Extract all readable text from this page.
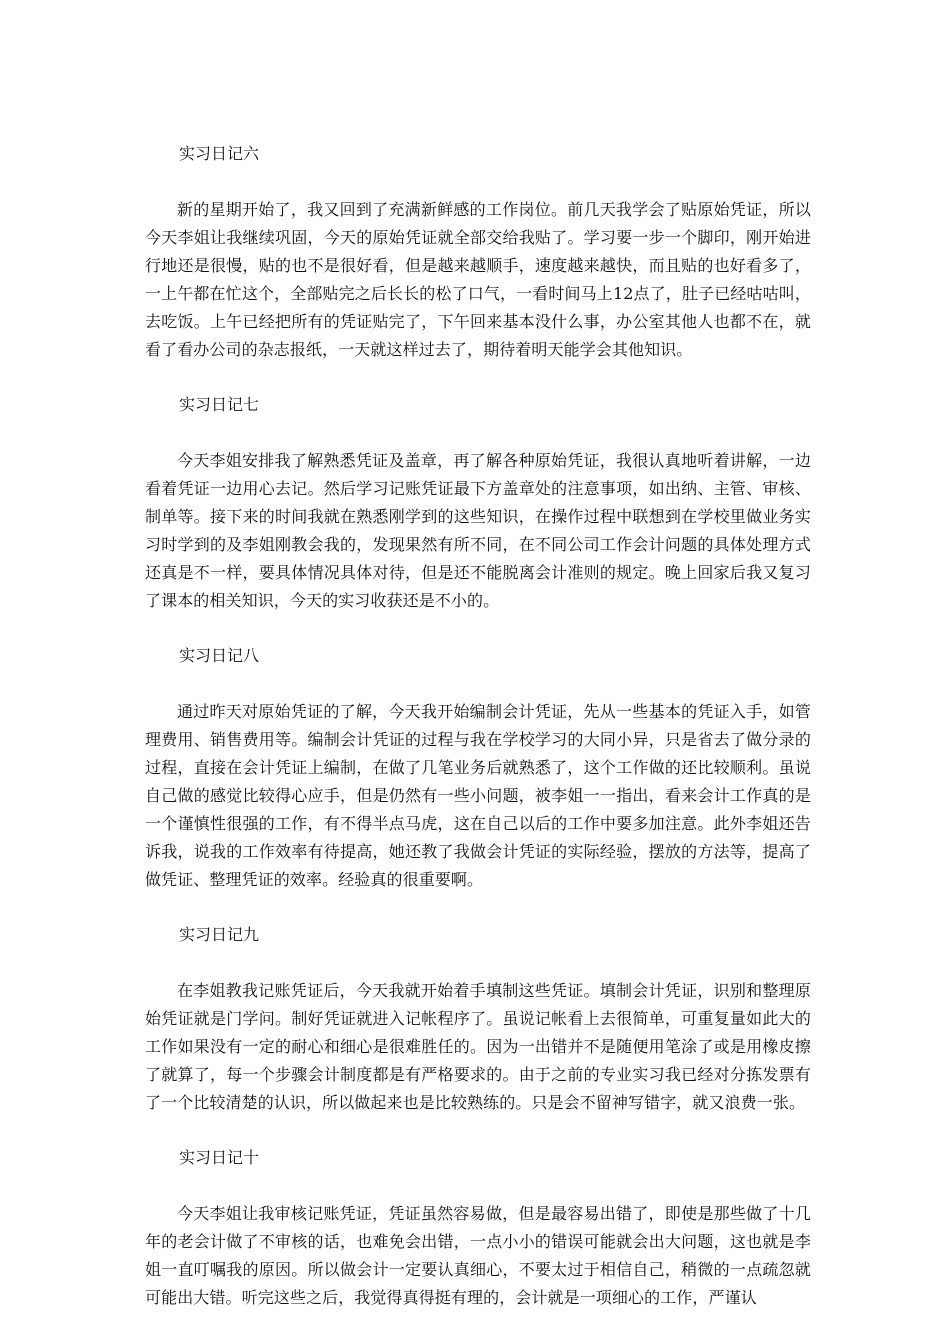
实习日记六

新的星期开始了，我又回到了充满新鲜感的工作岗位。前几天我学会了贴原始凭证，所以今天李姐让我继续巩固，今天的原始凭证就全部交给我贴了。学习要一步一个脚印，刚开始进行地还是很慢，贴的也不是很好看，但是越来越顺手，速度越来越快，而且贴的也好看多了，一上午都在忙这个，全部贴完之后长长的松了口气，一看时间马上12点了，肚子已经咕咕叫，去吃饭。上午已经把所有的凭证贴完了，下午回来基本没什么事，办公室其他人也都不在，就看了看办公司的杂志报纸，一天就这样过去了，期待着明天能学会其他知识。

实习日记七

今天李姐安排我了解熟悉凭证及盖章，再了解各种原始凭证，我很认真地听着讲解，一边看着凭证一边用心去记。然后学习记账凭证最下方盖章处的注意事项，如出纳、主管、审核、制单等。接下来的时间我就在熟悉刚学到的这些知识，在操作过程中联想到在学校里做业务实习时学到的及李姐刚教会我的，发现果然有所不同，在不同公司工作会计问题的具体处理方式还真是不一样，要具体情况具体对待，但是还不能脱离会计准则的规定。晚上回家后我又复习了课本的相关知识，今天的实习收获还是不小的。

实习日记八

通过昨天对原始凭证的了解，今天我开始编制会计凭证，先从一些基本的凭证入手，如管理费用、销售费用等。编制会计凭证的过程与我在学校学习的大同小异，只是省去了做分录的过程，直接在会计凭证上编制，在做了几笔业务后就熟悉了，这个工作做的还比较顺利。虽说自己做的感觉比较得心应手，但是仍然有一些小问题，被李姐一一指出，看来会计工作真的是一个谨慎性很强的工作，有不得半点马虎，这在自己以后的工作中要多加注意。此外李姐还告诉我，说我的工作效率有待提高，她还教了我做会计凭证的实际经验，摆放的方法等，提高了做凭证、整理凭证的效率。经验真的很重要啊。

实习日记九

在李姐教我记账凭证后，今天我就开始着手填制这些凭证。填制会计凭证，识别和整理原始凭证就是门学问。制好凭证就进入记帐程序了。虽说记帐看上去很简单，可重复量如此大的工作如果没有一定的耐心和细心是很难胜任的。因为一出错并不是随便用笔涂了或是用橡皮擦了就算了，每一个步骤会计制度都是有严格要求的。由于之前的专业实习我已经对分拣发票有了一个比较清楚的认识，所以做起来也是比较熟练的。只是会不留神写错字，就又浪费一张。

实习日记十

今天李姐让我审核记账凭证，凭证虽然容易做，但是最容易出错了，即使是那些做了十几年的老会计做了不审核的话，也难免会出错，一点小小的错误可能就会出大问题，这也就是李姐一直叮嘱我的原因。所以做会计一定要认真细心，不要太过于相信自己，稍微的一点疏忽就可能出大错。听完这些之后，我觉得真得挺有理的，会计就是一项细心的工作，严谨认
